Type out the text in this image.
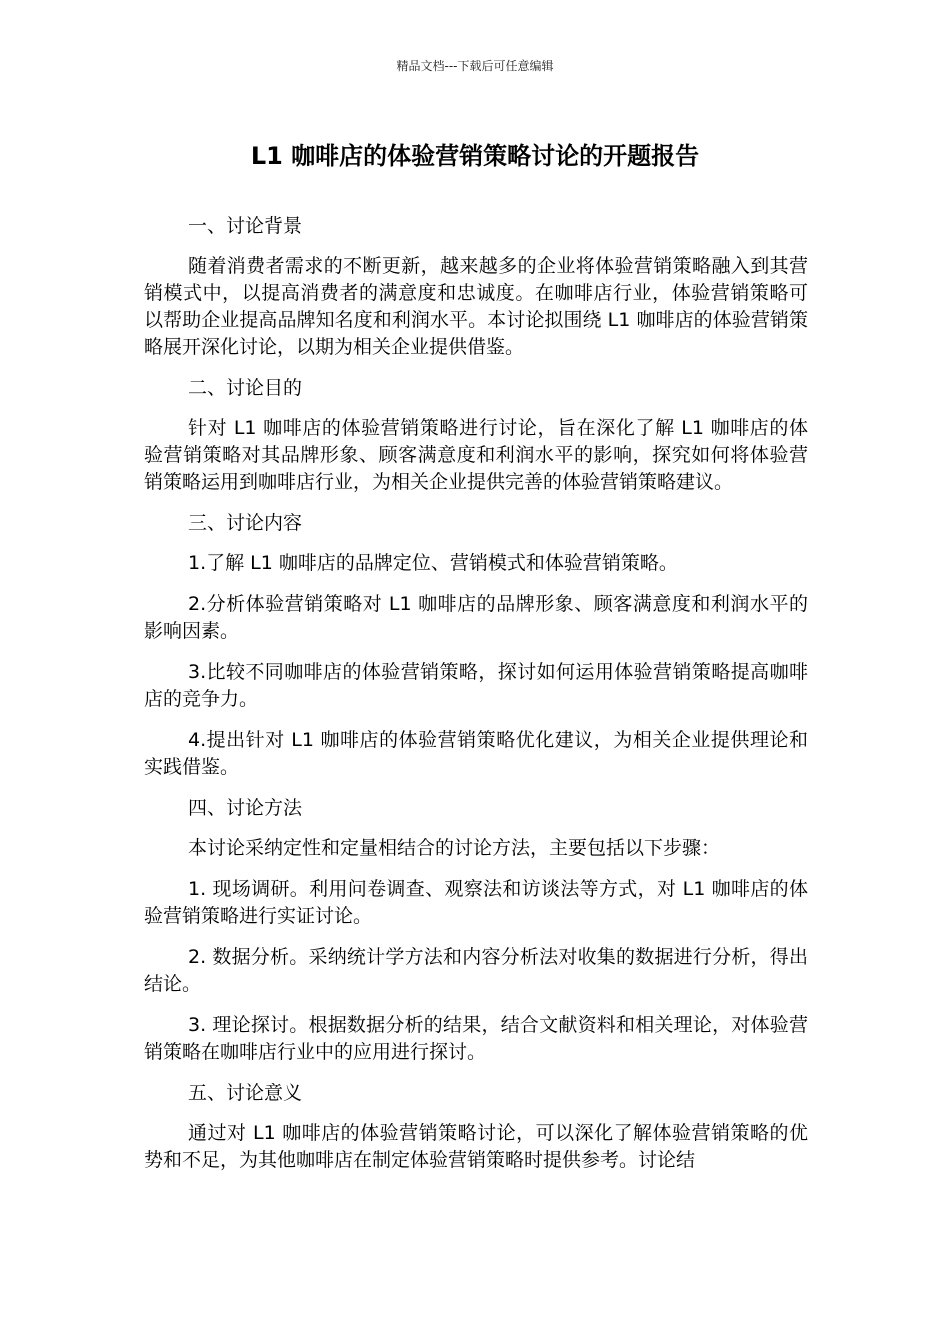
精品文档---下载后可任意编辑
L1 咖啡店的体验营销策略讨论的开题报告

一、讨论背景

随着消费者需求的不断更新，越来越多的企业将体验营销策略融入到其营销模式中，以提高消费者的满意度和忠诚度。在咖啡店行业，体验营销策略可以帮助企业提高品牌知名度和利润水平。本讨论拟围绕 L1 咖啡店的体验营销策略展开深化讨论，以期为相关企业提供借鉴。

二、讨论目的

针对 L1 咖啡店的体验营销策略进行讨论，旨在深化了解 L1 咖啡店的体验营销策略对其品牌形象、顾客满意度和利润水平的影响，探究如何将体验营销策略运用到咖啡店行业，为相关企业提供完善的体验营销策略建议。

三、讨论内容

1.了解 L1 咖啡店的品牌定位、营销模式和体验营销策略。

2.分析体验营销策略对 L1 咖啡店的品牌形象、顾客满意度和利润水平的影响因素。

3.比较不同咖啡店的体验营销策略，探讨如何运用体验营销策略提高咖啡店的竞争力。

4.提出针对 L1 咖啡店的体验营销策略优化建议，为相关企业提供理论和实践借鉴。

四、讨论方法

本讨论采纳定性和定量相结合的讨论方法，主要包括以下步骤：

1. 现场调研。利用问卷调查、观察法和访谈法等方式，对 L1 咖啡店的体验营销策略进行实证讨论。

2. 数据分析。采纳统计学方法和内容分析法对收集的数据进行分析，得出结论。

3. 理论探讨。根据数据分析的结果，结合文献资料和相关理论，对体验营销策略在咖啡店行业中的应用进行探讨。

五、讨论意义

通过对 L1 咖啡店的体验营销策略讨论，可以深化了解体验营销策略的优势和不足，为其他咖啡店在制定体验营销策略时提供参考。讨论结
